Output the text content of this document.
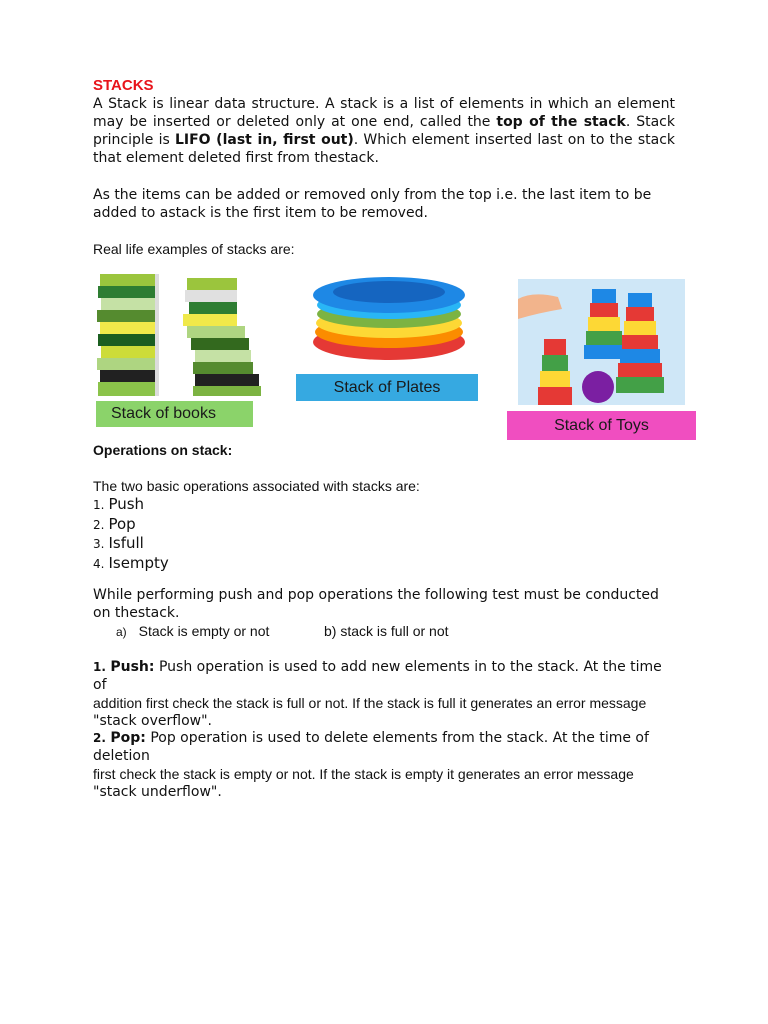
STACKS
A Stack is linear data structure. A stack is a list of elements in which an element may be inserted or deleted only at one end, called the top of the stack. Stack principle is LIFO (last in, first out). Which element inserted last on to the stack that element deleted first from thestack.
As the items can be added or removed only from the top i.e. the last item to be added to astack is the first item to be removed.
Real life examples of stacks are:
Stack of books
Stack of Plates
Stack of Toys
Operations on stack:
The two basic operations associated with stacks are:
1. Push
2. Pop
3. Isfull
4. Isempty
While performing push and pop operations the following test must be conducted on thestack.
a) Stack is empty or not	b) stack is full or not
1. Push: Push operation is used to add new elements in to the stack. At the time of
addition first check the stack is full or not. If the stack is full it generates an error message
"stack overflow".
2. Pop: Pop operation is used to delete elements from the stack. At the time of deletion
first check the stack is empty or not. If the stack is empty it generates an error message
"stack underflow".
